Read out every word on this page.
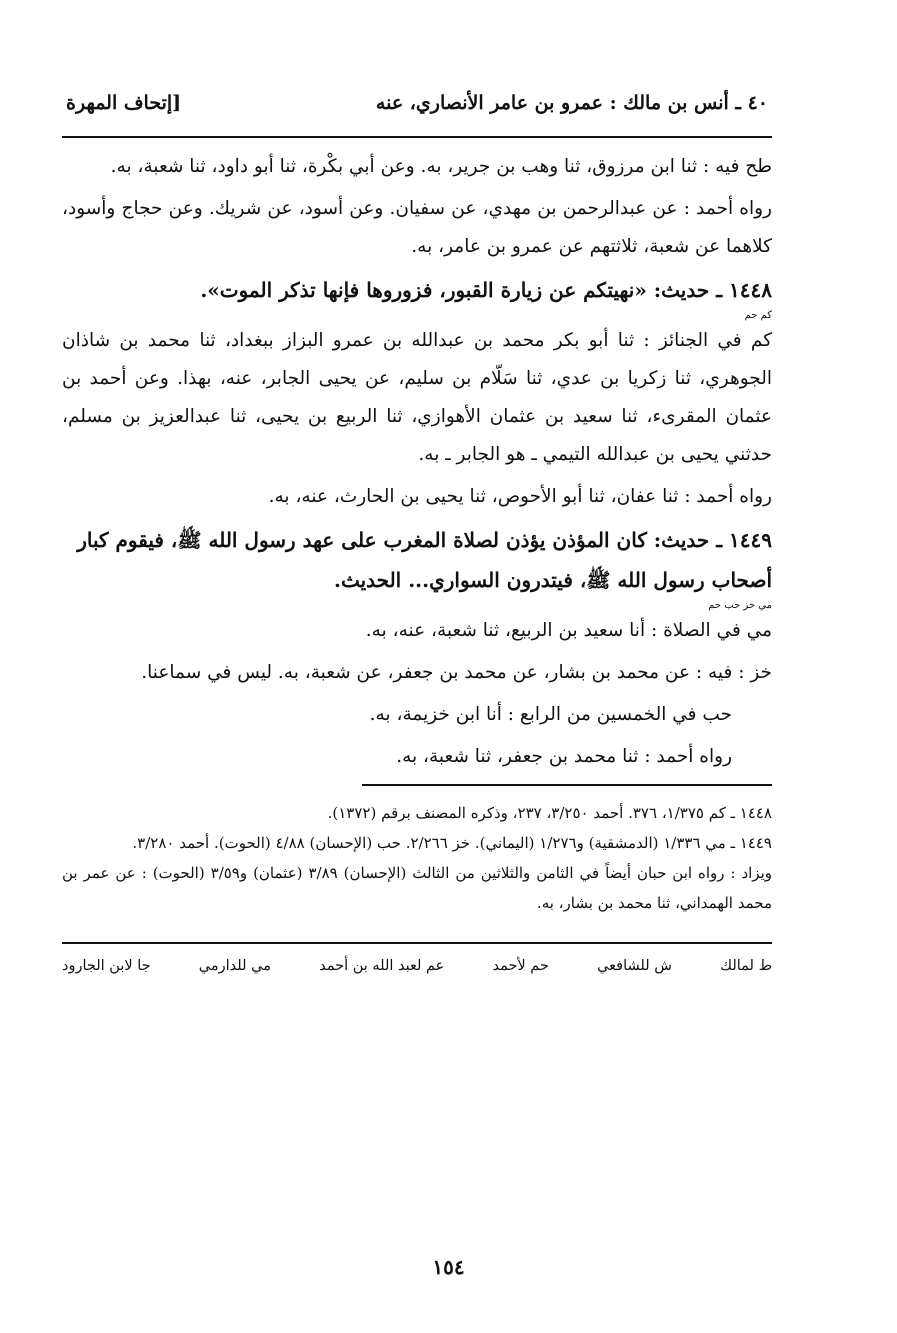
٤٠ ـ أنس بن مالك : عمرو بن عامر الأنصاري، عنه
[إتحاف المهرة

طح فيه : ثنا ابن مرزوق، ثنا وهب بن جرير، به. وعن أبي بكْرة، ثنا أبو داود، ثنا شعبة، به.

رواه أحمد : عن عبدالرحمن بن مهدي، عن سفيان. وعن أسود، عن شريك. وعن حجاج وأسود، كلاهما عن شعبة، ثلاثتهم عن عمرو بن عامر، به.

١٤٤٨ ـ حديث: «نهيتكم عن زيارة القبور، فزوروها فإنها تذكر الموت».

كم حم

كم في الجنائز : ثنا أبو بكر محمد بن عبدالله بن عمرو البزاز ببغداد، ثنا محمد بن شاذان الجوهري، ثنا زكريا بن عدي، ثنا سَلّام بن سليم، عن يحيى الجابر، عنه، بهذا. وعن أحمد بن عثمان المقرىء، ثنا سعيد بن عثمان الأهوازي، ثنا الربيع بن يحيى، ثنا عبدالعزيز بن مسلم، حدثني يحيى بن عبدالله التيمي ـ هو الجابر ـ به.

رواه أحمد : ثنا عفان، ثنا أبو الأحوص، ثنا يحيى بن الحارث، عنه، به.

١٤٤٩ ـ حديث: كان المؤذن يؤذن لصلاة المغرب على عهد رسول الله ﷺ، فيقوم كبار أصحاب رسول الله ﷺ، فيتدرون السواري... الحديث.

مي خز حب حم

مي في الصلاة : أنا سعيد بن الربيع، ثنا شعبة، عنه، به.

خز : فيه : عن محمد بن بشار، عن محمد بن جعفر، عن شعبة، به. ليس في سماعنا.

حب في الخمسين من الرابع : أنا ابن خزيمة، به.

رواه أحمد : ثنا محمد بن جعفر، ثنا شعبة، به.

١٤٤٨ ـ كم ١/٣٧٥، ٣٧٦. أحمد ٣/٢٥٠، ٢٣٧، وذكره المصنف برقم (١٣٧٢).

١٤٤٩ ـ مي ١/٣٣٦ (الدمشقية) و١/٢٧٦ (اليماني). خز ٢/٢٦٦. حب (الإحسان) ٤/٨٨ (الحوت). أحمد ٣/٢٨٠.

ويزاد : رواه ابن حبان أيضاً في الثامن والثلاثين من الثالث (الإحسان) ٣/٨٩ (عثمان) و٣/٥٩ (الحوت) : عن عمر بن محمد الهمداني، ثنا محمد بن بشار، به.

ط لمالك
ش للشافعي
حم لأحمد
عم لعبد الله بن أحمد
مي للدارمي
جا لابن الجارود
١٥٤
